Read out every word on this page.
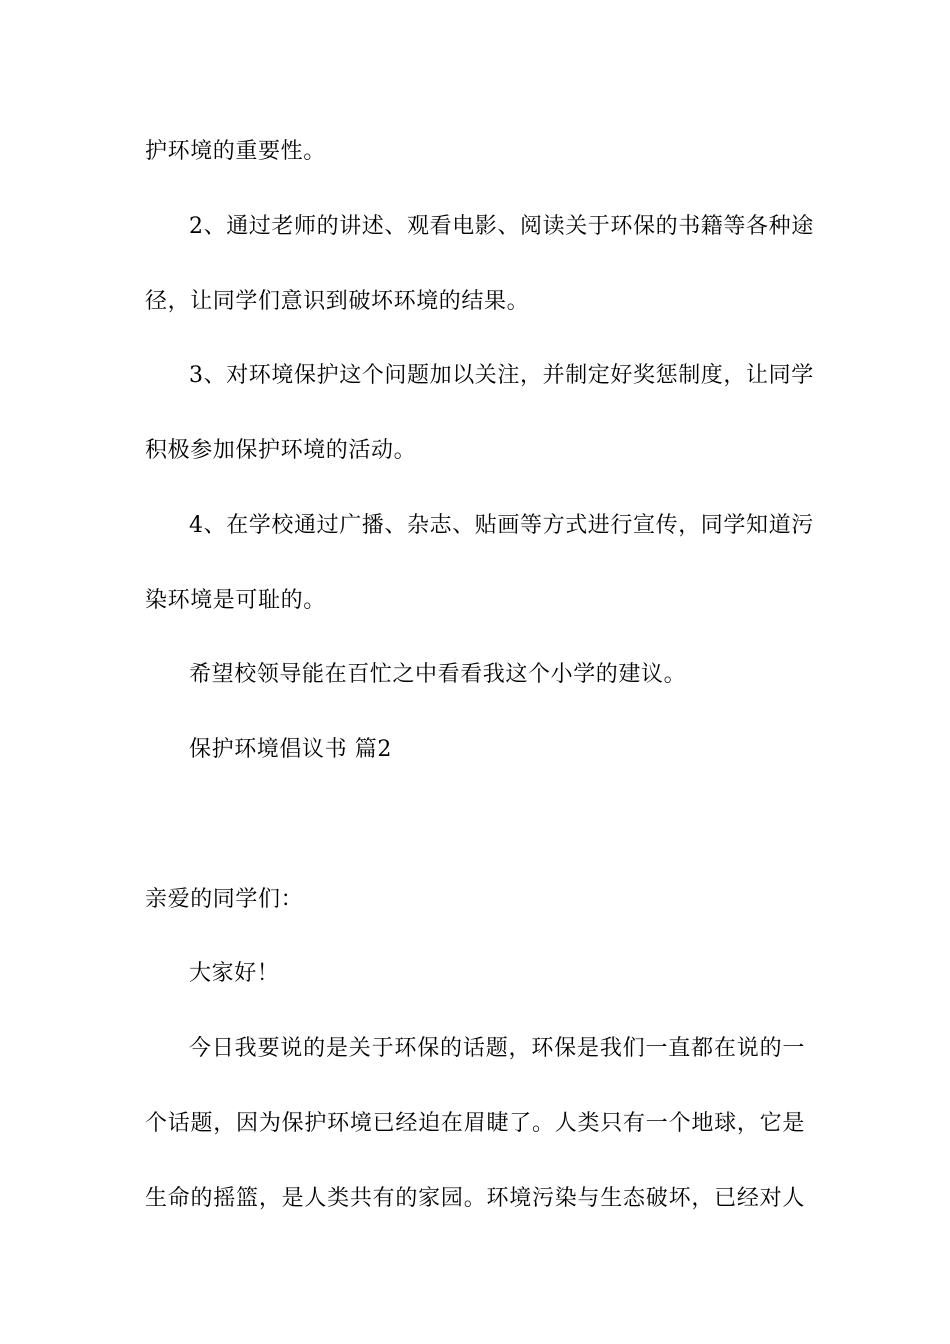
护环境的重要性。
2、通过老师的讲述、观看电影、阅读关于环保的书籍等各种途
径，让同学们意识到破坏环境的结果。
3、对环境保护这个问题加以关注，并制定好奖惩制度，让同学
积极参加保护环境的活动。
4、在学校通过广播、杂志、贴画等方式进行宣传，同学知道污
染环境是可耻的。
希望校领导能在百忙之中看看我这个小学的建议。
保护环境倡议书 篇2
亲爱的同学们：
大家好！
今日我要说的是关于环保的话题，环保是我们一直都在说的一
个话题，因为保护环境已经迫在眉睫了。人类只有一个地球，它是
生命的摇篮，是人类共有的家园。环境污染与生态破坏，已经对人
